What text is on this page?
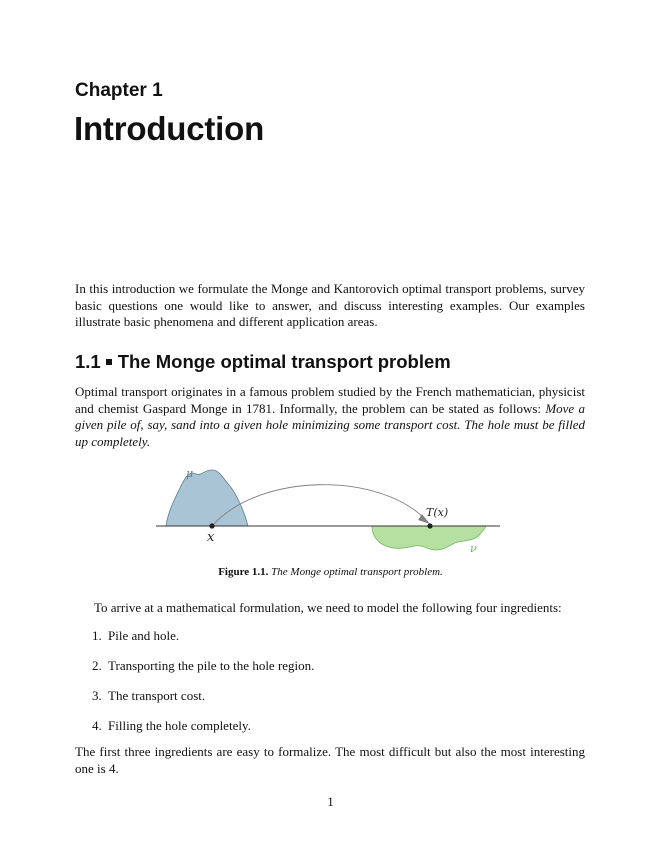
Chapter 1
Introduction
In this introduction we formulate the Monge and Kantorovich optimal transport problems, survey basic questions one would like to answer, and discuss interesting examples. Our examples illustrate basic phenomena and different application areas.
1.1 The Monge optimal transport problem
Optimal transport originates in a famous problem studied by the French mathematician, physicist and chemist Gaspard Monge in 1781. Informally, the problem can be stated as follows: Move a given pile of, say, sand into a given hole minimizing some transport cost. The hole must be filled up completely.
μ
ν
x
T(x)
Figure 1.1. The Monge optimal transport problem.
To arrive at a mathematical formulation, we need to model the following four ingredients:
1. Pile and hole.
2. Transporting the pile to the hole region.
3. The transport cost.
4. Filling the hole completely.
The first three ingredients are easy to formalize. The most difficult but also the most interesting one is 4.
1
